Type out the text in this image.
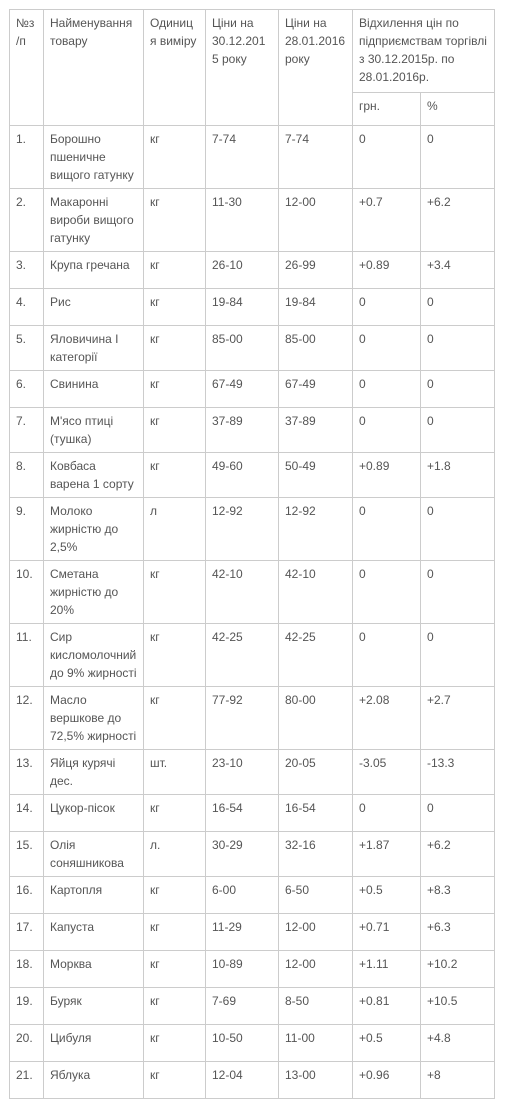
№з/п	Найменування товару	Одиниця виміру	Ціни на 30.12.2015 року	Ціни на 28.01.2016 року	Відхилення цін по підприємствам торгівлі з 30.12.2015р. по 28.01.2016р.	
					грн.	%
1.	Борошно пшеничне вищого гатунку	кг	7-74	7-74	0	0
2.	Макаронні вироби вищого гатунку	кг	11-30	12-00	+0.7	+6.2
3.	Крупа гречана	кг	26-10	26-99	+0.89	+3.4
4.	Рис	кг	19-84	19-84	0	0
5.	Яловичина І категорії	кг	85-00	85-00	0	0
6.	Свинина	кг	67-49	67-49	0	0
7.	М'ясо птиці (тушка)	кг	37-89	37-89	0	0
8.	Ковбаса варена 1 сорту	кг	49-60	50-49	+0.89	+1.8
9.	Молоко жирністю до 2,5%	л	12-92	12-92	0	0
10.	Сметана жирністю до 20%	кг	42-10	42-10	0	0
11.	Сир кисломолочний до 9% жирності	кг	42-25	42-25	0	0
12.	Масло вершкове до 72,5% жирності	кг	77-92	80-00	+2.08	+2.7
13.	Яйця курячі дес.	шт.	23-10	20-05	-3.05	-13.3
14.	Цукор-пісок	кг	16-54	16-54	0	0
15.	Олія соняшникова	л.	30-29	32-16	+1.87	+6.2
16.	Картопля	кг	6-00	6-50	+0.5	+8.3
17.	Капуста	кг	11-29	12-00	+0.71	+6.3
18.	Морква	кг	10-89	12-00	+1.11	+10.2
19.	Буряк	кг	7-69	8-50	+0.81	+10.5
20.	Цибуля	кг	10-50	11-00	+0.5	+4.8
21.	Яблука	кг	12-04	13-00	+0.96	+8
